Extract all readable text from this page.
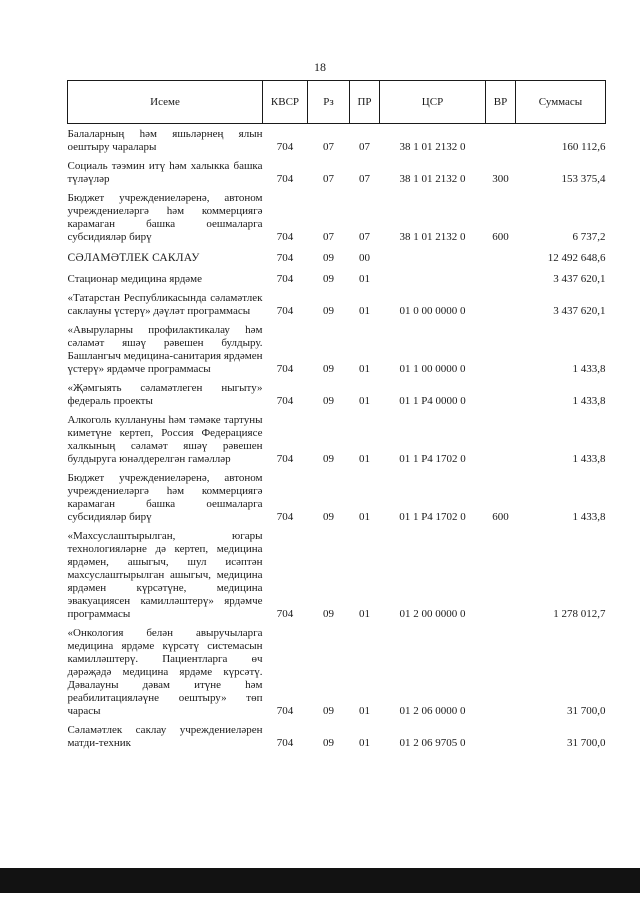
18
Исеме	КВСР	Рз	ПР	ЦСР	ВР	Суммасы
Балаларның һәм яшьләрнең ялын оештыру чаралары	704	07	07	38 1 01 2132 0		160 112,6
Социаль тәэмин итү һәм халыкка башка түләүләр	704	07	07	38 1 01 2132 0	300	153 375,4
Бюджет учреждениеләренә, автоном учреждениеләргә һәм коммерциягә карамаган башка оешмаларга субсидияләр бирү	704	07	07	38 1 01 2132 0	600	6 737,2
СӘЛАМӘТЛЕК САКЛАУ	704	09	00			12 492 648,6
Стационар медицина ярдәме	704	09	01			3 437 620,1
«Татарстан Республикасында сәламәтлек саклауны үстерү» дәүләт программасы	704	09	01	01 0 00 0000 0		3 437 620,1
«Авыруларны профилактикалау һәм сәламәт яшәү рәвешен булдыру. Башлангыч медицина-санитария ярдәмен үстерү» ярдәмче программасы	704	09	01	01 1 00 0000 0		1 433,8
«Җәмгыять сәламәтлеген ныгыту» федераль проекты	704	09	01	01 1 P4 0000 0		1 433,8
Алкоголь куллануны һәм тәмәке тартуны киметүне кертеп, Россия Федерациясе халкының сәламәт яшәү рәвешен булдыруга юнәлдерелгән гамәлләр	704	09	01	01 1 P4 1702 0		1 433,8
Бюджет учреждениеләренә, автоном учреждениеләргә һәм коммерциягә карамаган башка оешмаларга субсидияләр бирү	704	09	01	01 1 P4 1702 0	600	1 433,8
«Махсуслаштырылган, югары технологияләрне дә кертеп, медицина ярдәмен, ашыгыч, шул исәптән махсуслаштырылган ашыгыч, медицина ярдәмен күрсәтүне, медицина эвакуациясен камилләштерү» ярдәмче программасы	704	09	01	01 2 00 0000 0		1 278 012,7
«Онкология белән авыручыларга медицина ярдәме күрсәтү системасын камилләштерү. Пациентларга өч дәрәҗәдә медицина ярдәме күрсәтү. Дәвалауны дәвам итүне һәм реабилитацияләүне оештыру» төп чарасы	704	09	01	01 2 06 0000 0		31 700,0
Сәламәтлек саклау учреждениеләрен матди-техник	704	09	01	01 2 06 9705 0		31 700,0
